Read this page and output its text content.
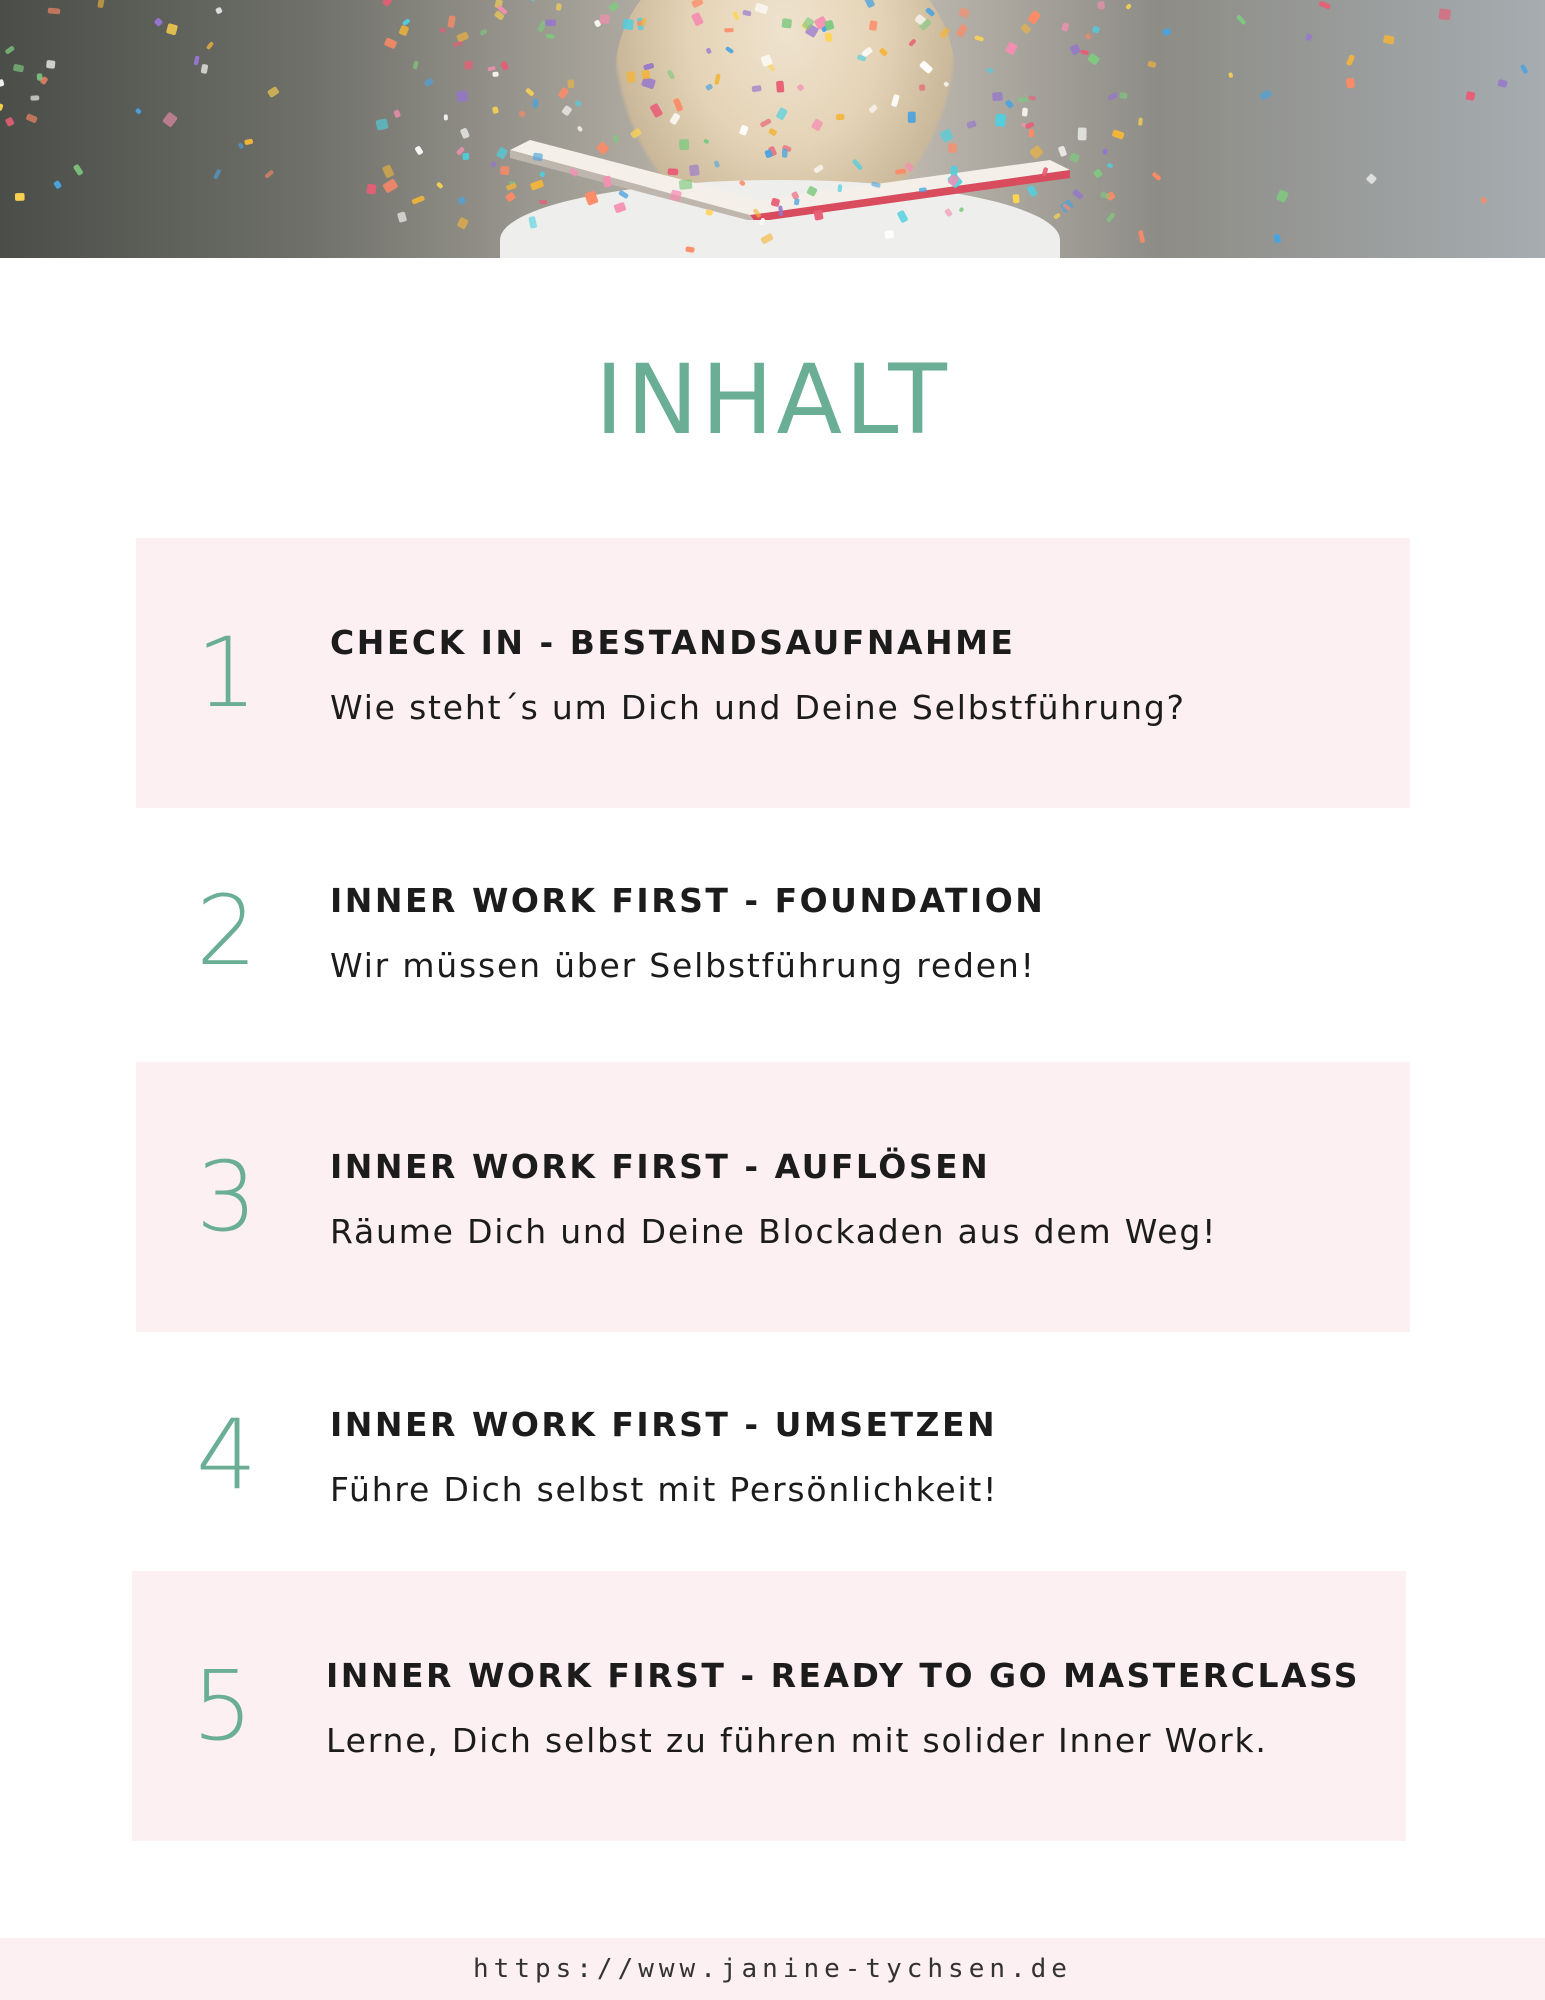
INHALT
1 CHECK IN - BESTANDSAUFNAHME
Wie steht´s um Dich und Deine Selbstführung?
2 INNER WORK FIRST - FOUNDATION
Wir müssen über Selbstführung reden!
3 INNER WORK FIRST - AUFLÖSEN
Räume Dich und Deine Blockaden aus dem Weg!
4 INNER WORK FIRST - UMSETZEN
Führe Dich selbst mit Persönlichkeit!
5 INNER WORK FIRST - READY TO GO MASTERCLASS
Lerne, Dich selbst zu führen mit solider Inner Work.
https://www.janine-tychsen.de
